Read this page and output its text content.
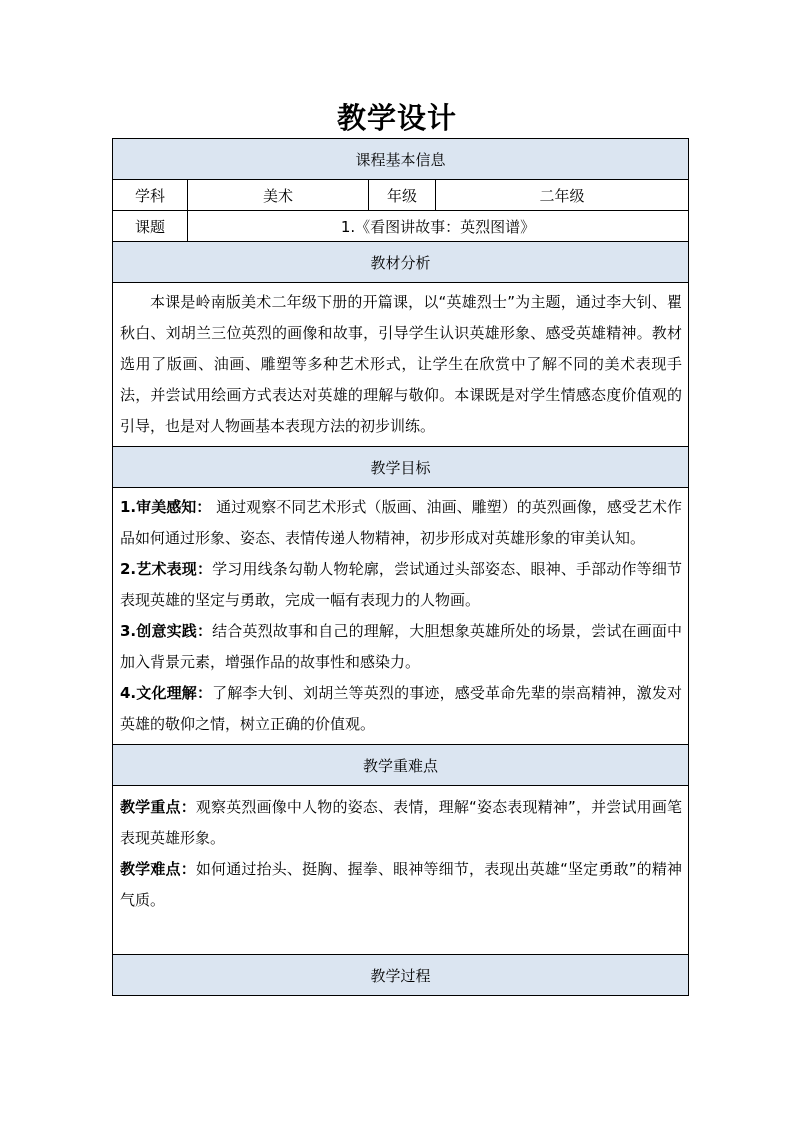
教学设计
课程基本信息			
学科	美术	年级	二年级
课题	1.《看图讲故事：英烈图谱》		
教材分析			

本课是岭南版美术二年级下册的开篇课，以“英雄烈士”为主题，通过李大钊、瞿秋白、刘胡兰三位英烈的画像和故事，引导学生认识英雄形象、感受英雄精神。教材选用了版画、油画、雕塑等多种艺术形式，让学生在欣赏中了解不同的美术表现手法，并尝试用绘画方式表达对英雄的理解与敬仰。本课既是对学生情感态度价值观的引导，也是对人物画基本表现方法的初步训练。			

教学目标			

1.审美感知： 通过观察不同艺术形式（版画、油画、雕塑）的英烈画像，感受艺术作品如何通过形象、姿态、表情传递人物精神，初步形成对英雄形象的审美认知。

2.艺术表现：学习用线条勾勒人物轮廓，尝试通过头部姿态、眼神、手部动作等细节表现英雄的坚定与勇敢，完成一幅有表现力的人物画。

3.创意实践：结合英烈故事和自己的理解，大胆想象英雄所处的场景，尝试在画面中加入背景元素，增强作品的故事性和感染力。

4.文化理解：了解李大钊、刘胡兰等英烈的事迹，感受革命先辈的崇高精神，激发对英雄的敬仰之情，树立正确的价值观。			

教学重难点			

教学重点：观察英烈画像中人物的姿态、表情，理解“姿态表现精神”，并尝试用画笔表现英雄形象。

教学难点：如何通过抬头、挺胸、握拳、眼神等细节，表现出英雄“坚定勇敢”的精神气质。			

教学过程			
